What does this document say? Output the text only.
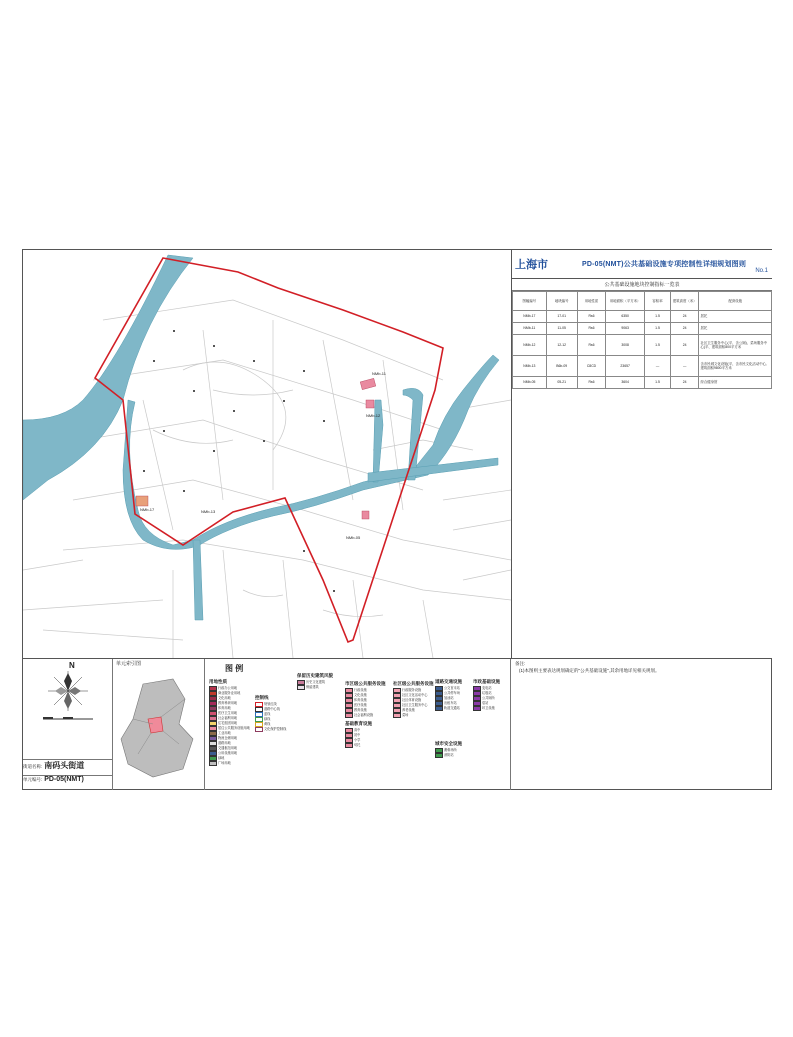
NMb-11
NMb-12
NMb-13
NMb-17
NMb-05
上海市	PD-05(NMT)公共基础设施专项控制性详细规划图则
No.1
公共基础设施地块控制指标一览表
图幅编号	地块编号	用地性质	用地面积（平方米）	容积率	建筑高度（米）	配套设施
NMb-17	17-01	Rs6	6350	1.5	24	居托
NMb-11	11-05	Rs6	9063	1.5	24	居托
NMb-12	12-12	Rs6	3008	1.5	24	社区卫生服务中心(平、含公厕)、菜场服务中心(平、建筑面积800平方米
NMb-13	B6b-09	C8CD	23657	—	—	含市民城文化设施(平、含市民文化活动中心,建筑面积9800平方米
NMb-05	05-21	Rs6	3604	1.5	24	综合健身馆
N
街道名称: 南码头街道
单元编号: PD-05(NMT)
单元索引图	图 例
用地性质
行政办公用地
商业服务业用地
文化用地
教育科研用地
体育用地
医疗卫生用地
社会福利用地
住宅组团用地
居住公共服务设施用地
工业用地
物流仓储用地
道路用地
交通枢纽用地
公用设施用地
绿地
广场用地
控制线
规划红线
道路中心线
蓝线
绿线
黄线
文化保护控制线
保留历史建筑风貌
历史文化建筑
保留建筑
市区级公共服务设施
行政设施
文化设施
体育设施
医疗设施
教育设施
社会福利设施
社区级公共服务设施
行政服务设施
社区文化活动中心
社区体育设施
社区卫生服务中心
养老设施
菜场
基础教育设施
高中
初中
小学
幼托
道路交通设施
公交首末站
公共停车场
加油站
出租车站
轨道交通站
市政基础设施
变电站
垃圾站
公共厕所
泵站
环卫设施
城市安全设施
避难场所
消防站
备注:
(1)本图则主要表达规划确定的"公共基础设施",其余用地详见相关规划。
